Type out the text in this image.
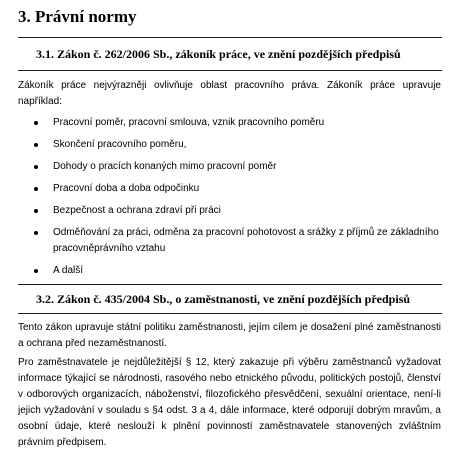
3. Právní normy
3.1. Zákon č. 262/2006 Sb., zákoník práce, ve znění pozdějších předpisů

Zákoník práce nejvýrazněji ovlivňuje oblast pracovního práva. Zákoník práce upravuje například:

Pracovní poměr, pracovní smlouva, vznik pracovního poměru
Skončení pracovního poměru,
Dohody o pracích konaných mimo pracovní poměr
Pracovní doba a doba odpočinku
Bezpečnost a ochrana zdraví při práci
Odměňování za práci, odměna za pracovní pohotovost a srážky z příjmů ze základního pracovněprávního vztahu
A další
3.2. Zákon č. 435/2004 Sb., o zaměstnanosti, ve znění pozdějších předpisů

Tento zákon upravuje státní politiku zaměstnanosti, jejím cílem je dosažení plné zaměstnanosti a ochrana před nezaměstnaností.

Pro zaměstnavatele je nejdůležitější § 12, který zakazuje při výběru zaměstnanců vyžadovat informace týkající se národnosti, rasového nebo etnického původu, politických postojů, členství v odborových organizacích, náboženství, filozofického přesvědčení, sexuální orientace, není-li jejich vyžadování v souladu s §4 odst. 3 a 4, dále informace, které odporují dobrým mravům, a osobní údaje, které neslouží k plnění povinností zaměstnavatele stanovených zvláštním právním předpisem.
